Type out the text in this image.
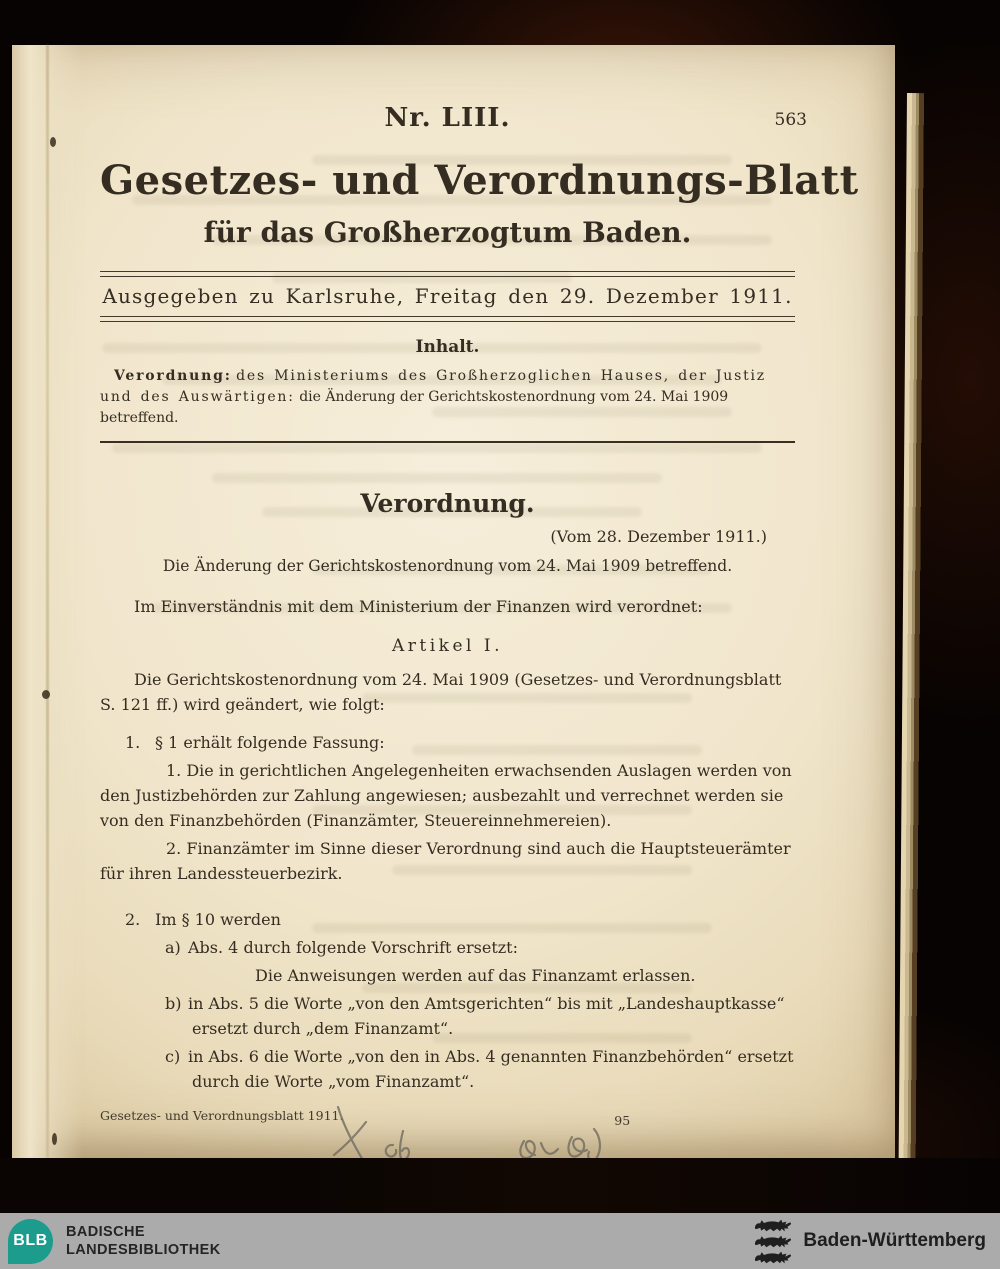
Nr. LIII.	563
Gesetzes- und Verordnungs-Blatt
für das Großherzogtum Baden.
Ausgegeben zu Karlsruhe, Freitag den 29. Dezember 1911.
Inhalt.

Verordnung: des Ministeriums des Großherzoglichen Hauses, der Justiz und des Auswärtigen: die Änderung der Gerichtskostenordnung vom 24. Mai 1909 betreffend.

Verordnung.
(Vom 28. Dezember 1911.)
Die Änderung der Gerichtskostenordnung vom 24. Mai 1909 betreffend.

Im Einverständnis mit dem Ministerium der Finanzen wird verordnet:

Artikel I.

Die Gerichtskostenordnung vom 24. Mai 1909 (Gesetzes- und Verordnungsblatt S. 121 ff.) wird geändert, wie folgt:

1. § 1 erhält folgende Fassung:

1. Die in gerichtlichen Angelegenheiten erwachsenden Auslagen werden von den Justizbehörden zur Zahlung angewiesen; ausbezahlt und verrechnet werden sie von den Finanzbehörden (Finanzämter, Steuereinnehmereien).

2. Finanzämter im Sinne dieser Verordnung sind auch die Hauptsteuerämter für ihren Landessteuerbezirk.

2. Im § 10 werden
a) Abs. 4 durch folgende Vorschrift ersetzt:

Die Anweisungen werden auf das Finanzamt erlassen.

b) in Abs. 5 die Worte „von den Amtsgerichten“ bis mit „Landeshauptkasse“ ersetzt durch „dem Finanzamt“.
c) in Abs. 6 die Worte „von den in Abs. 4 genannten Finanzbehörden“ ersetzt durch die Worte „vom Finanzamt“.
Gesetzes- und Verordnungsblatt 1911.	95
BLB
BADISCHE
LANDESBIBLIOTHEK	Baden-Württemberg
